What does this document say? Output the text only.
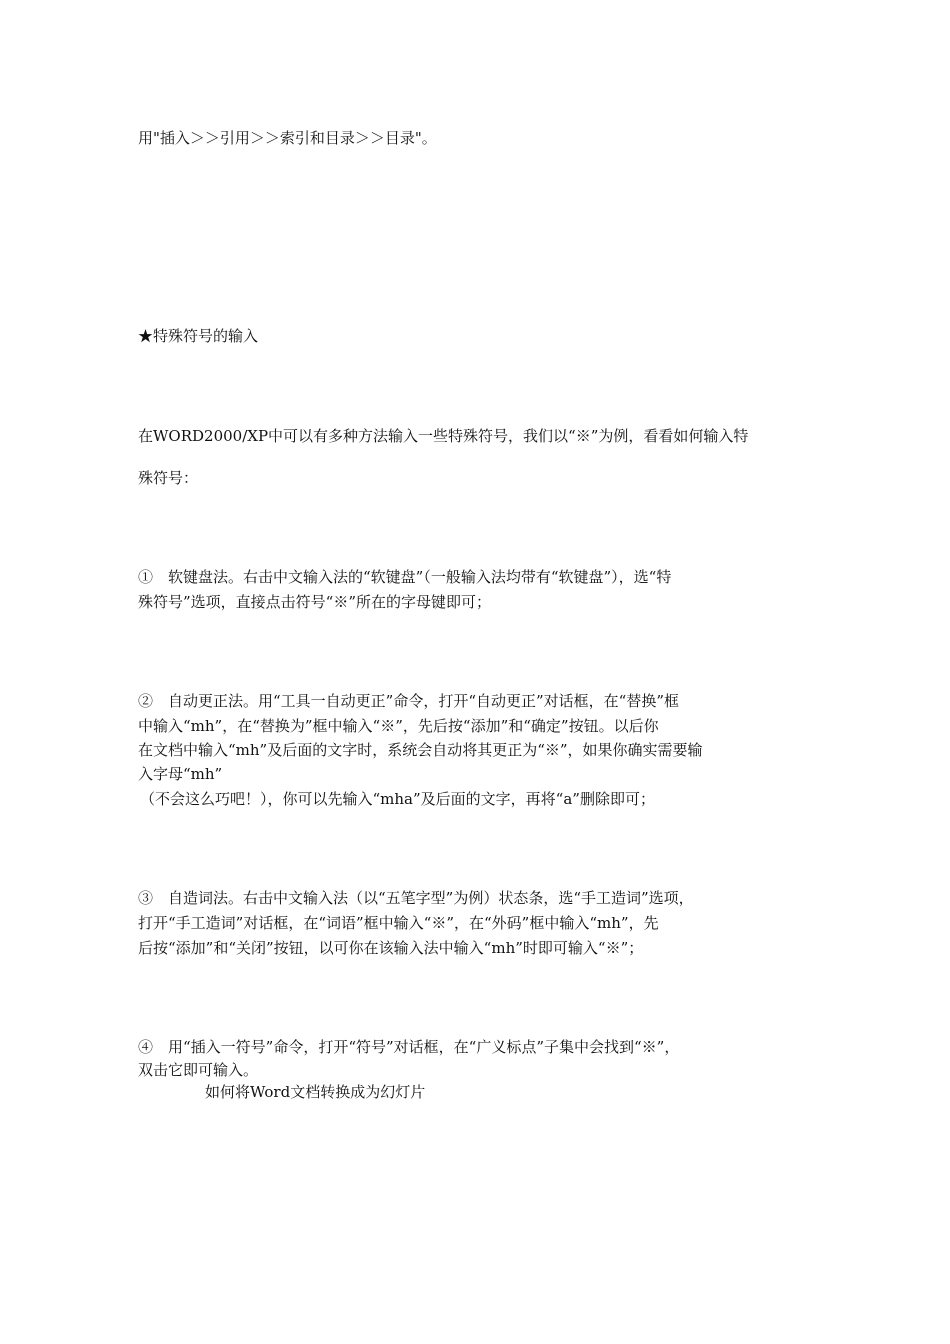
用"插入＞＞引用＞＞索引和目录＞＞目录"。

★特殊符号的输入

在WORD2000/XP中可以有多种方法输入一些特殊符号，我们以“※”为例，看看如何输入特

殊符号：

①　软键盘法。右击中文输入法的“软键盘”（一般输入法均带有“软键盘”），选“特

殊符号”选项，直接点击符号“※”所在的字母键即可；

②　自动更正法。用“工具一自动更正”命令，打开“自动更正”对话框，在“替换”框

中输入“mh”，在“替换为”框中输入“※”，先后按“添加”和“确定”按钮。以后你

在文档中输入“mh”及后面的文字时，系统会自动将其更正为“※”，如果你确实需要输

入字母“mh”

（不会这么巧吧！），你可以先输入“mha”及后面的文字，再将“a”删除即可；

③　自造词法。右击中文输入法（以“五笔字型”为例）状态条，选“手工造词”选项，

打开“手工造词”对话框，在“词语”框中输入“※”，在“外码”框中输入“mh”，先

后按“添加”和“关闭”按钮，以可你在该输入法中输入“mh”时即可输入“※”；

④　用“插入一符号”命令，打开“符号”对话框，在“广义标点”子集中会找到“※”，

双击它即可输入。

如何将Word文档转换成为幻灯片
